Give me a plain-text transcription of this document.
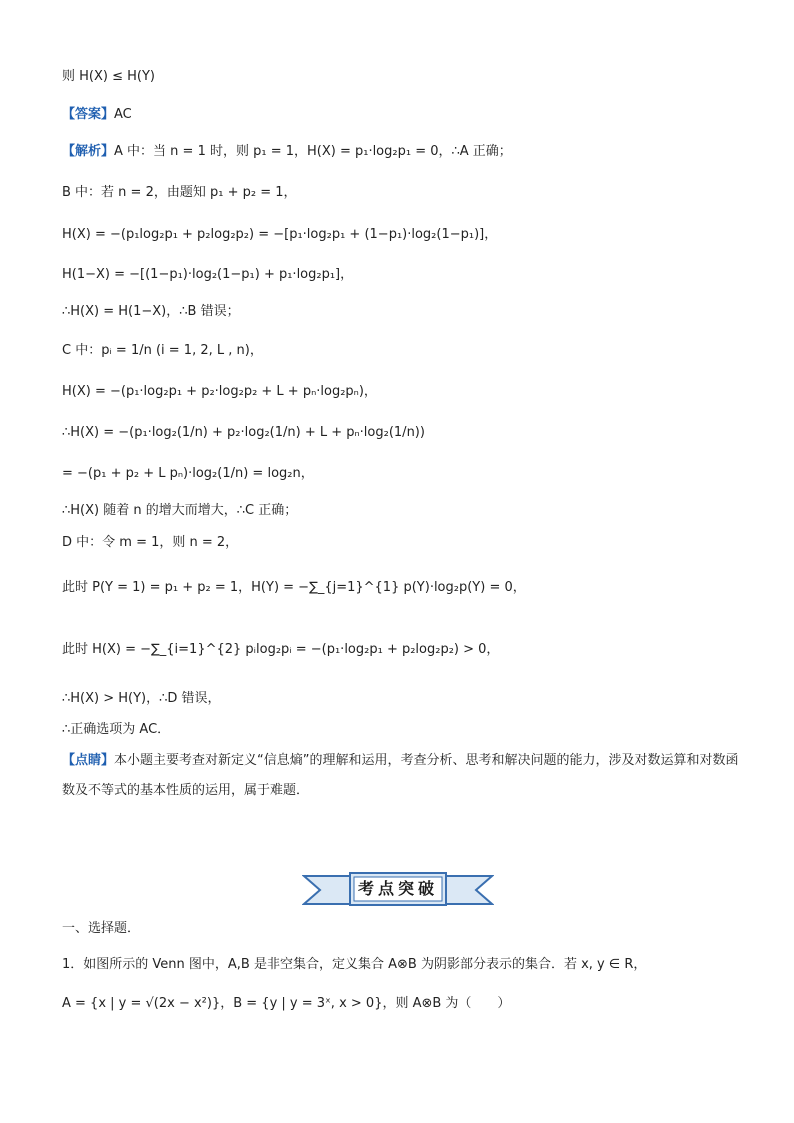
则 H(X) ≤ H(Y)
【答案】AC
【解析】A 中：当 n = 1 时，则 p₁ = 1，H(X) = p₁·log₂p₁ = 0，∴A 正确；
B 中：若 n = 2，由题知 p₁ + p₂ = 1，
H(X) = −(p₁log₂p₁ + p₂log₂p₂) = −[p₁·log₂p₁ + (1−p₁)·log₂(1−p₁)]，
H(1−X) = −[(1−p₁)·log₂(1−p₁) + p₁·log₂p₁]，
∴H(X) = H(1−X)，∴B 错误；
C 中：pᵢ = 1/n (i = 1, 2, L , n)，
H(X) = −(p₁·log₂p₁ + p₂·log₂p₂ + L + pₙ·log₂pₙ)，
∴H(X) = −(p₁·log₂(1/n) + p₂·log₂(1/n) + L + pₙ·log₂(1/n))
= −(p₁ + p₂ + L pₙ)·log₂(1/n) = log₂n，
∴H(X) 随着 n 的增大而增大，∴C 正确；
D 中：令 m = 1，则 n = 2，
此时 P(Y = 1) = p₁ + p₂ = 1，H(Y) = −∑_{j=1}^{1} p(Y)·log₂p(Y) = 0，
此时 H(X) = −∑_{i=1}^{2} pᵢlog₂pᵢ = −(p₁·log₂p₁ + p₂log₂p₂) > 0，
∴H(X) > H(Y)，∴D 错误，
∴正确选项为 AC．
【点睛】本小题主要考查对新定义“信息熵”的理解和运用，考查分析、思考和解决问题的能力，涉及对数运算和对数函数及不等式的基本性质的运用，属于难题．
考点突破
一、选择题．
1．如图所示的 Venn 图中，A,B 是非空集合，定义集合 A⊗B 为阴影部分表示的集合．若 x, y ∈ R，
A = {x | y = √(2x − x²)}，B = {y | y = 3ˣ, x > 0}，则 A⊗B 为（　　）
